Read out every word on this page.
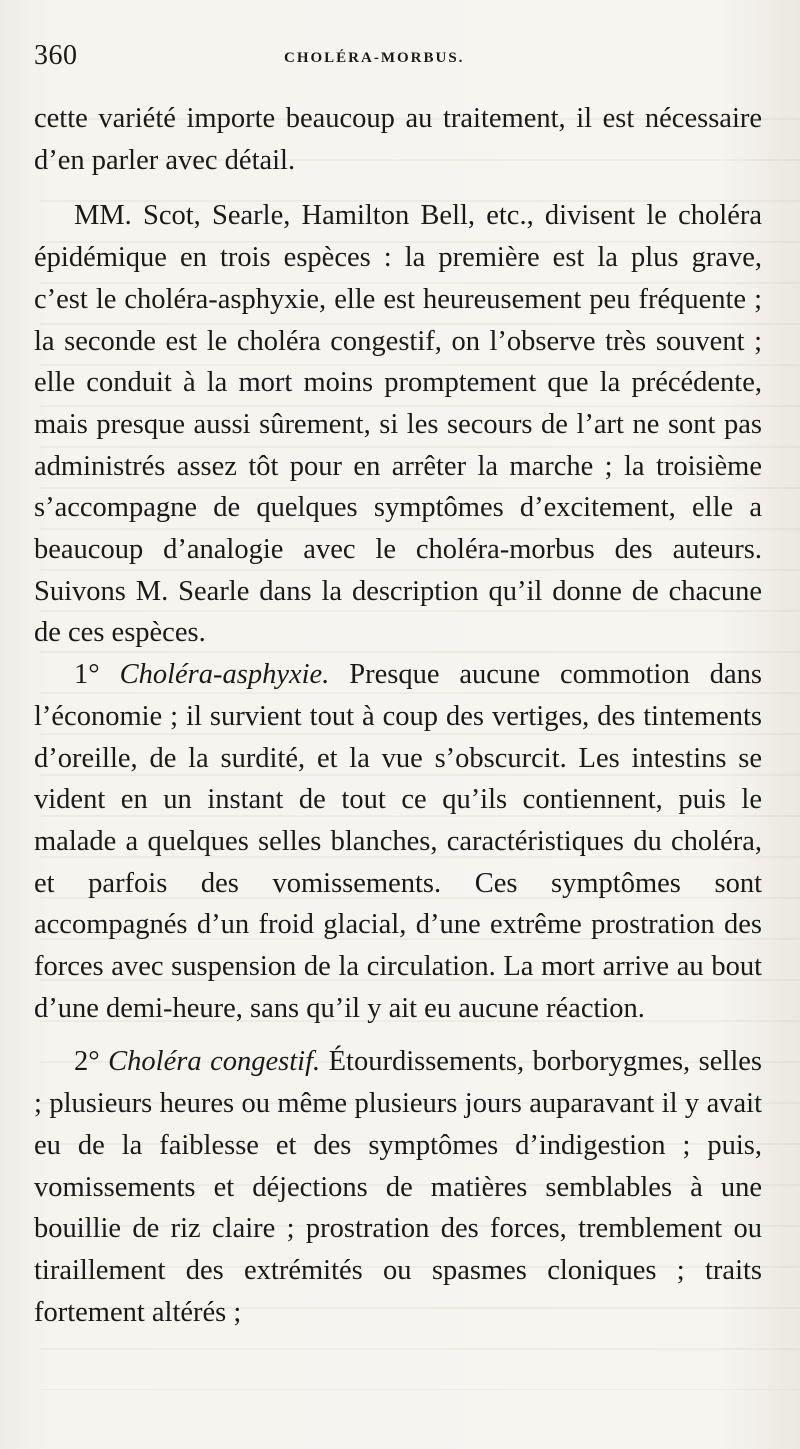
360	CHOLÉRA-MORBUS.

cette variété importe beaucoup au traitement, il est nécessaire d’en parler avec détail.

MM. Scot, Searle, Hamilton Bell, etc., divisent le choléra épidémique en trois espèces : la première est la plus grave, c’est le choléra-asphyxie, elle est heureusement peu fréquente ; la seconde est le choléra congestif, on l’observe très souvent ; elle conduit à la mort moins promptement que la précédente, mais presque aussi sûrement, si les secours de l’art ne sont pas administrés assez tôt pour en arrêter la marche ; la troisième s’accompagne de quelques symptômes d’excitement, elle a beaucoup d’analogie avec le choléra-morbus des auteurs. Suivons M. Searle dans la description qu’il donne de chacune de ces espèces.

1° Choléra-asphyxie. Presque aucune commotion dans l’économie ; il survient tout à coup des vertiges, des tintements d’oreille, de la surdité, et la vue s’obscurcit. Les intestins se vident en un instant de tout ce qu’ils contiennent, puis le malade a quelques selles blanches, caractéristiques du choléra, et parfois des vomissements. Ces symptômes sont accompagnés d’un froid glacial, d’une extrême prostration des forces avec suspension de la circulation. La mort arrive au bout d’une demi-heure, sans qu’il y ait eu aucune réaction.

2° Choléra congestif. Étourdissements, borborygmes, selles ; plusieurs heures ou même plusieurs jours auparavant il y avait eu de la faiblesse et des symptômes d’indigestion ; puis, vomissements et déjections de matières semblables à une bouillie de riz claire ; prostration des forces, tremblement ou tiraillement des extrémités ou spasmes cloniques ; traits fortement altérés ;
